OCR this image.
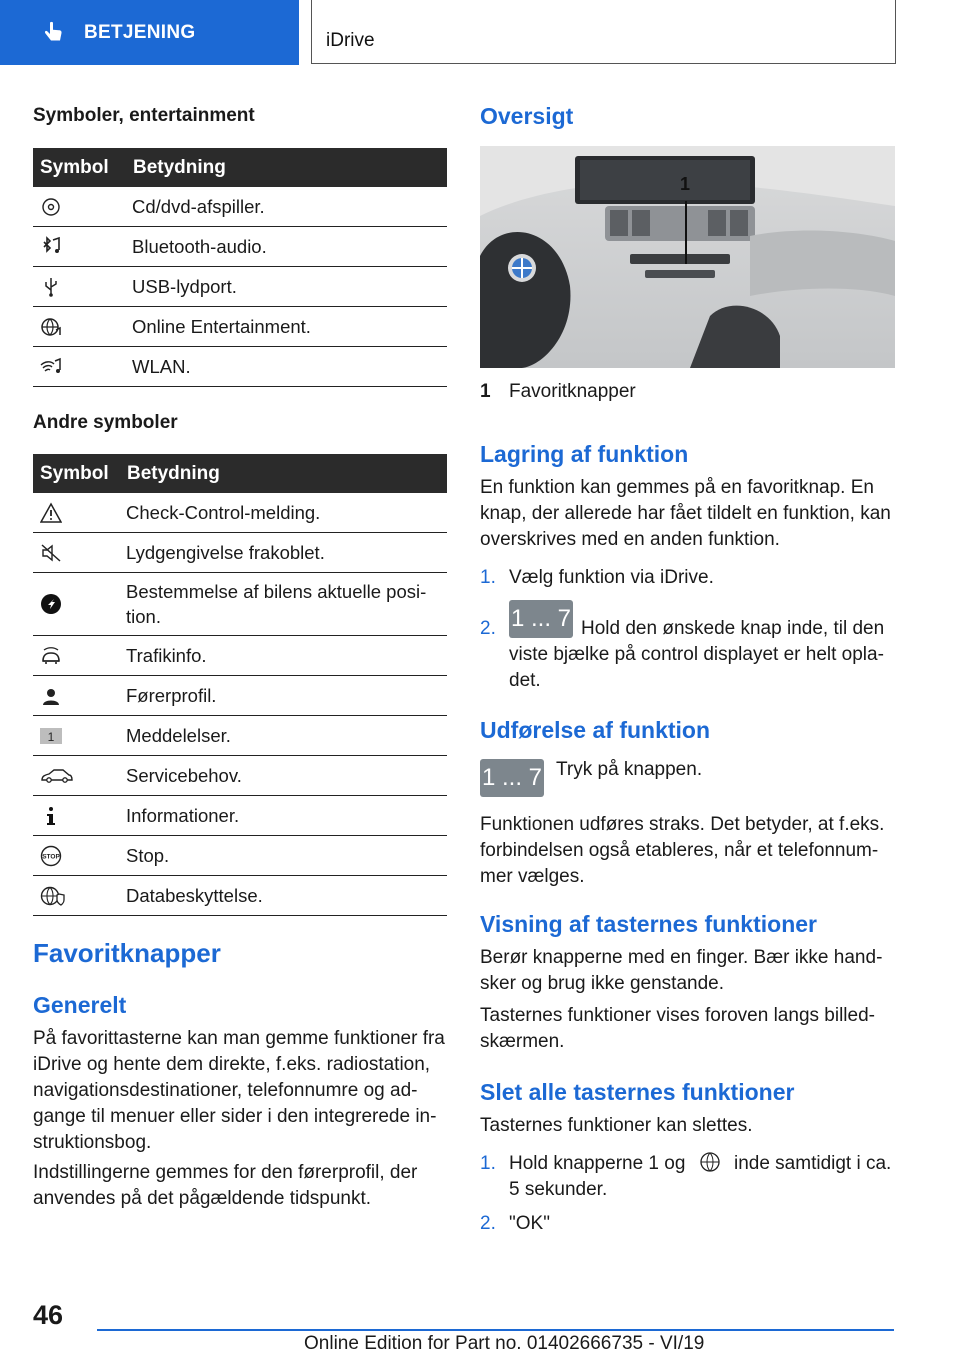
BETJENING	iDrive
Symboler, entertainment
Symbol	Betydning

	Cd/dvd-afspiller.

	Bluetooth-audio.

	USB-lydport.

	Online Entertainment.

	WLAN.
Andre symboler
Symbol	Betydning

	Check-Control-melding.

	Lydgengivelse frakoblet.

	Bestemmelse af bilens aktuelle position.

	Trafikinfo.

	Førerprofil.

1	Meddelelser.

	Servicebehov.

	Informationer.

STOP	Stop.

	Databeskyttelse.
Favoritknapper
Generelt
På favorittasterne kan man gemme funktioner fra iDrive og hente dem direkte, f.eks. radiostation, navigationsdestinationer, telefonnumre og adgange til menuer eller sider i den integrerede instruktionsbog.
Indstillingerne gemmes for den førerprofil, der anvendes på det pågældende tidspunkt.
Oversigt
1
1 Favoritknapper
Lagring af funktion
En funktion kan gemmes på en favoritknap. En knap, der allerede har fået tildelt en funktion, kan overskrives med en anden funktion.
1. Vælg funktion via iDrive.
2. 1 ... 7 Hold den ønskede knap inde, til den viste bjælke på control displayet er helt opladet.
Udførelse af funktion
1 ... 7 Tryk på knappen.
Funktionen udføres straks. Det betyder, at f.eks. forbindelsen også etableres, når et telefonnummer vælges.
Visning af tasternes funktioner
Berør knapperne med en finger. Bær ikke handsker og brug ikke genstande.
Tasternes funktioner vises foroven langs billedskærmen.
Slet alle tasternes funktioner
Tasternes funktioner kan slettes.
1. Hold knapperne 1 og	inde samtidigt i ca. 5 sekunder.
2. "OK"
46
Online Edition for Part no. 01402666735 - VI/19
